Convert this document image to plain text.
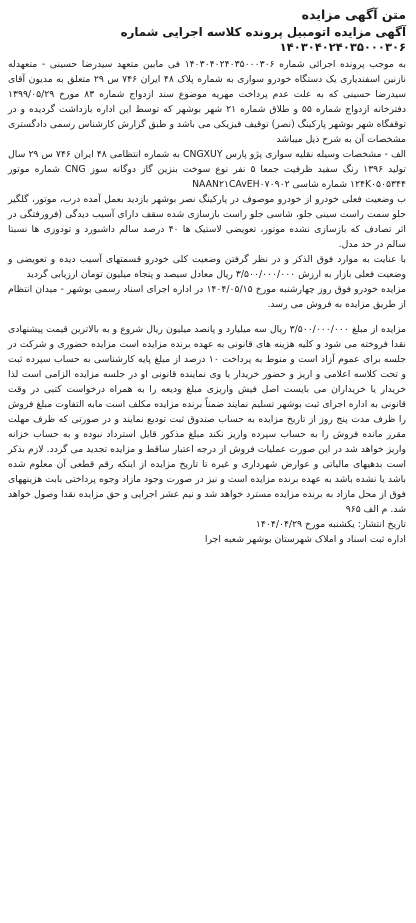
متن آگهی مزایده

آگهی مزایده اتومبیل پرونده کلاسه اجرایی شماره

۱۴۰۳۰۴۰۲۴۰۳۵۰۰۰۳۰۶

به موجب پرونده اجرائی شماره ۱۴۰۳۰۴۰۲۴۰۳۵۰۰۰۳۰۶ فی مابین متعهد سیدرضا حسینی - متعهدله نازنین اسفندیاری یک دستگاه خودرو سواری به شماره پلاک ۴۸ ایران ۷۴۶ س ۲۹ متعلق به مدیون آقای سیدرضا حسینی که به علت عدم پرداخت مهریه موضوع سند ازدواج شماره ۸۳ مورخ ۱۳۹۹/۰۵/۲۹ دفترخانه ازدواج شماره ۵۵ و طلاق شماره ۲۱ شهر بوشهر که توسط این اداره بازداشت گردیده و در توقفگاه شهر بوشهر پارکینگ (نصر) توقیف فیزیکی می باشد و طبق گزارش کارشناس رسمی دادگستری مشخصات آن به شرح ذیل میباشد

الف - مشخصات وسیله نقلیه سواری پژو پارس CNGXUY به شماره انتظامی ۴۸ ایران ۷۴۶ س ۲۹ سال تولید ۱۳۹۶ رنگ سفید ظرفیت جمعا ۵ نفر نوع سوخت بنزین گاز دوگانه سوز CNG شماره موتور ۱۲۴K۰۵۰۵۳۴۴ شماره شاسی NAAN۲۱CAvEH۰۷۰۹۰۲

ب وضعیت فعلی خودرو از خودرو موصوف در پارکینگ نصر بوشهر بازدید بعمل آمده درب، موتور، گلگیر جلو سمت راست سینی جلو، شاسی جلو راست بازسازی شده سقف دارای آسیب دیدگی (فرورفتگی در اثر تصادف که بازسازی نشده موتور، تعویضی لاستیک ها ۴۰ درصد سالم داشبورد و تودوزی ها نسبتا سالم در حد مدل.

با عنایت به موارد فوق الذکر و در نظر گرفتن وضعیت کلی خودرو قسمتهای آسیب دیده و تعویضی و وضعیت فعلی بازار به ارزش ۳/۵۰۰/۰۰۰/۰۰۰ ریال معادل سیصد و پنجاه میلیون تومان ارزیابی گردید

مزایده خودرو فوق روز چهارشنبه مورخ ۱۴۰۴/۰۵/۱۵ در اداره اجرای اسناد رسمی بوشهر - میدان انتظام از طریق مزایده به فروش می رسد.

مزایده از مبلغ ۳/۵۰۰/۰۰۰/۰۰۰ ریال سه میلیارد و پانصد میلیون ریال شروع و به بالاترین قیمت پیشنهادی نقدا فروخته می شود و کلیه هزینه های قانونی به عهده برنده مزایده است مزایده حضوری و شرکت در جلسه برای عموم آزاد است و منوط به پرداخت ۱۰ درصد از مبلغ پایه کارشناسی به حساب سپرده ثبت و تحت کلاسه اعلامی و اریز و حضور خریدار یا وی نماینده قانونی او در جلسه مزایده الزامی است لذا خریدار یا خریداران می بایست اصل فیش واریزی مبلغ ودیعه را به همراه درخواست کتبی در وقت قانونی به اداره اجرای ثبت بوشهر تسلیم نمایند ضمناً برنده مزایده مکلف است مابه التفاوت مبلغ فروش را ظرف مدت پنج روز از تاریخ مزایده به حساب صندوق ثبت تودیع نمایند و در صورتی که ظرف مهلت مقرر مانده فروش را به حساب سپرده واریز نکند مبلغ مذکور قابل استرداد نبوده و به حساب خزانه واریز خواهد شد در این صورت عملیات فروش از درجه اعتبار ساقط و مزایده تجدید می گردد. لازم بذکر است بدهیهای مالیاتی و عوارض شهرداری و غیره تا تاریخ مزایده از اینکه رقم قطعی آن معلوم شده باشد یا نشده باشد به عهده برنده مزایده است و نیز در صورت وجود مازاد وجوه پرداختی بابت هزینههای فوق از محل مازاد به برنده مزایده مسترد خواهد شد و نیم عشر اجرایی و حق مزایده نقدا وصول خواهد شد. م الف ۹۶۵

تاریخ انتشار: یکشنبه مورخ ۱۴۰۴/۰۴/۲۹

اداره ثبت اسناد و املاک شهرستان بوشهر شعبه اجرا
